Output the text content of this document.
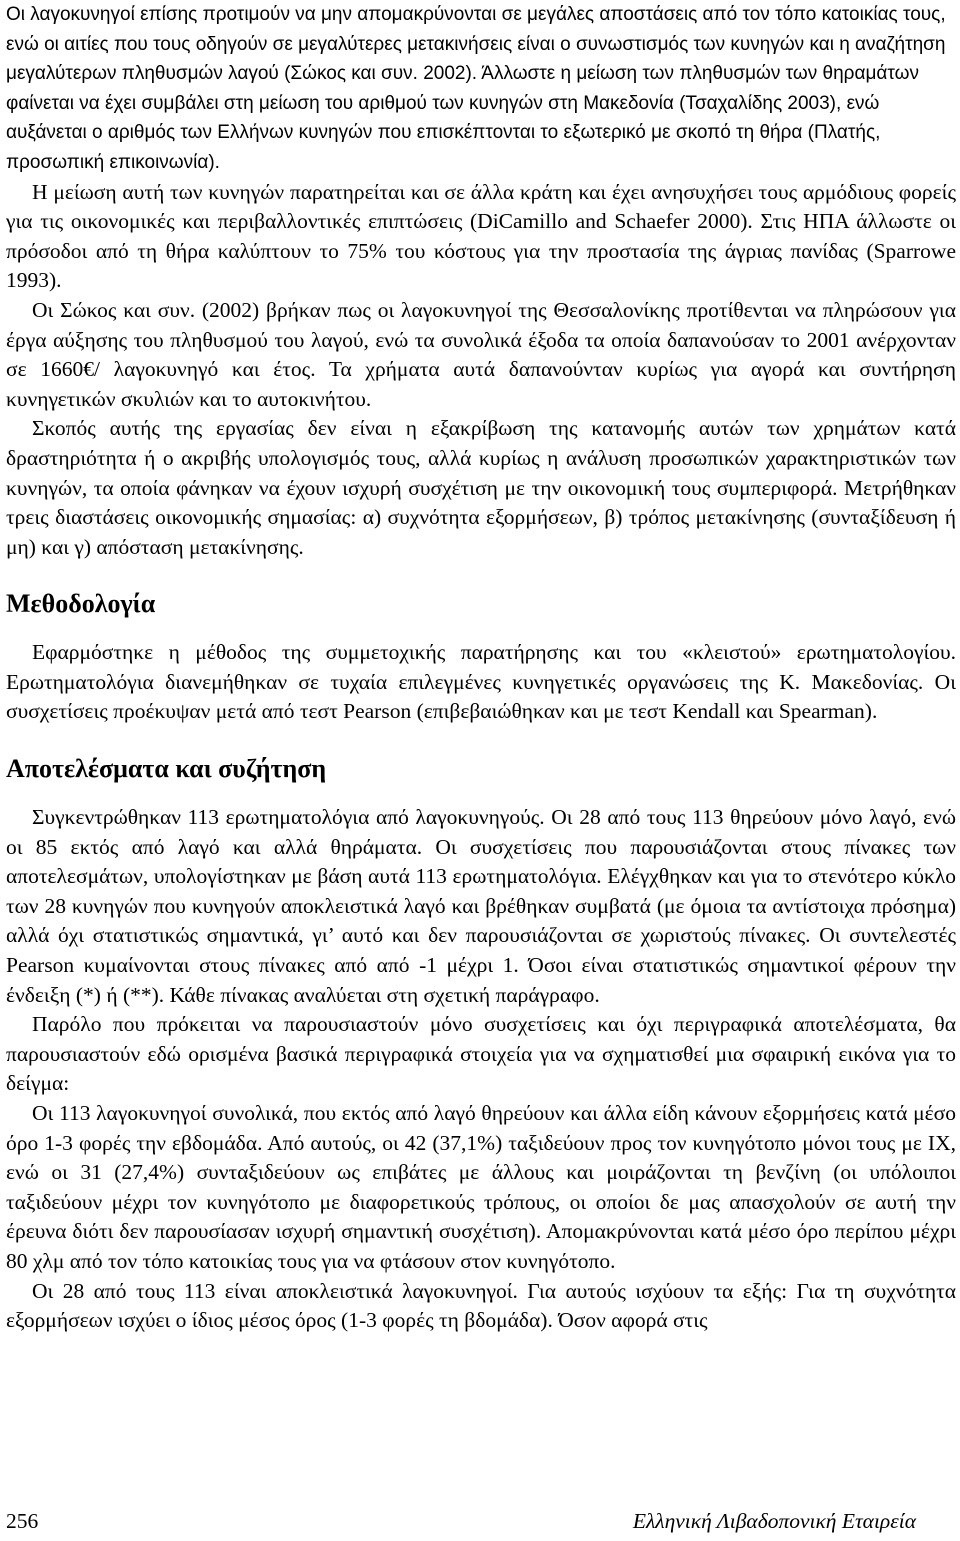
Οι λαγοκυνηγοί επίσης προτιμούν να μην απομακρύνονται σε μεγάλες αποστάσεις από τον τόπο κατοικίας τους, ενώ οι αιτίες που τους οδηγούν σε μεγαλύτερες μετακινήσεις είναι ο συνωστισμός των κυνηγών και η αναζήτηση μεγαλύτερων πληθυσμών λαγού (Σώκος και συν. 2002). Άλλωστε η μείωση των πληθυσμών των θηραμάτων φαίνεται να έχει συμβάλει στη μείωση του αριθμού των κυνηγών στη Μακεδονία (Τσαχαλίδης 2003), ενώ αυξάνεται ο αριθμός των Ελλήνων κυνηγών που επισκέπτονται το εξωτερικό με σκοπό τη θήρα (Πλατής, προσωπική επικοινωνία).

Η μείωση αυτή των κυνηγών παρατηρείται και σε άλλα κράτη και έχει ανησυχήσει τους αρμόδιους φορείς για τις οικονομικές και περιβαλλοντικές επιπτώσεις (DiCamillo and Schaefer 2000). Στις ΗΠΑ άλλωστε οι πρόσοδοι από τη θήρα καλύπτουν το 75% του κόστους για την προστασία της άγριας πανίδας (Sparrowe 1993).

Οι Σώκος και συν. (2002) βρήκαν πως οι λαγοκυνηγοί της Θεσσαλονίκης προτίθενται να πληρώσουν για έργα αύξησης του πληθυσμού του λαγού, ενώ τα συνολικά έξοδα τα οποία δαπανούσαν το 2001 ανέρχονταν σε 1660€/ λαγοκυνηγό και έτος. Τα χρήματα αυτά δαπανούνταν κυρίως για αγορά και συντήρηση κυνηγετικών σκυλιών και το αυτοκινήτου.

Σκοπός αυτής της εργασίας δεν είναι η εξακρίβωση της κατανομής αυτών των χρημάτων κατά δραστηριότητα ή ο ακριβής υπολογισμός τους, αλλά κυρίως η ανάλυση προσωπικών χαρακτηριστικών των κυνηγών, τα οποία φάνηκαν να έχουν ισχυρή συσχέτιση με την οικονομική τους συμπεριφορά. Μετρήθηκαν τρεις διαστάσεις οικονομικής σημασίας: α) συχνότητα εξορμήσεων, β) τρόπος μετακίνησης (συνταξίδευση ή μη) και γ) απόσταση μετακίνησης.

Μεθοδολογία

Εφαρμόστηκε η μέθοδος της συμμετοχικής παρατήρησης και του «κλειστού» ερωτηματολογίου. Ερωτηματολόγια διανεμήθηκαν σε τυχαία επιλεγμένες κυνηγετικές οργανώσεις της Κ. Μακεδονίας. Οι συσχετίσεις προέκυψαν μετά από τεστ Pearson (επιβεβαιώθηκαν και με τεστ Kendall και Spearman).

Αποτελέσματα και συζήτηση

Συγκεντρώθηκαν 113 ερωτηματολόγια από λαγοκυνηγούς. Οι 28 από τους 113 θηρεύουν μόνο λαγό, ενώ οι 85 εκτός από λαγό και αλλά θηράματα. Οι συσχετίσεις που παρουσιάζονται στους πίνακες των αποτελεσμάτων, υπολογίστηκαν με βάση αυτά 113 ερωτηματολόγια. Ελέγχθηκαν και για το στενότερο κύκλο των 28 κυνηγών που κυνηγούν αποκλειστικά λαγό και βρέθηκαν συμβατά (με όμοια τα αντίστοιχα πρόσημα) αλλά όχι στατιστικώς σημαντικά, γι’ αυτό και δεν παρουσιάζονται σε χωριστούς πίνακες. Οι συντελεστές Pearson κυμαίνονται στους πίνακες από από -1 μέχρι 1. Όσοι είναι στατιστικώς σημαντικοί φέρουν την ένδειξη (*) ή (**). Κάθε πίνακας αναλύεται στη σχετική παράγραφο.

Παρόλο που πρόκειται να παρουσιαστούν μόνο συσχετίσεις και όχι περιγραφικά αποτελέσματα, θα παρουσιαστούν εδώ ορισμένα βασικά περιγραφικά στοιχεία για να σχηματισθεί μια σφαιρική εικόνα για το δείγμα:

Οι 113 λαγοκυνηγοί συνολικά, που εκτός από λαγό θηρεύουν και άλλα είδη κάνουν εξορμήσεις κατά μέσο όρο 1-3 φορές την εβδομάδα. Από αυτούς, οι 42 (37,1%) ταξιδεύουν προς τον κυνηγότοπο μόνοι τους με ΙΧ, ενώ οι 31 (27,4%) συνταξιδεύουν ως επιβάτες με άλλους και μοιράζονται τη βενζίνη (οι υπόλοιποι ταξιδεύουν μέχρι τον κυνηγότοπο με διαφορετικούς τρόπους, οι οποίοι δε μας απασχολούν σε αυτή την έρευνα διότι δεν παρουσίασαν ισχυρή σημαντική συσχέτιση). Απομακρύνονται κατά μέσο όρο περίπου μέχρι 80 χλμ από τον τόπο κατοικίας τους για να φτάσουν στον κυνηγότοπο.

Οι 28 από τους 113 είναι αποκλειστικά λαγοκυνηγοί. Για αυτούς ισχύουν τα εξής: Για τη συχνότητα εξορμήσεων ισχύει ο ίδιος μέσος όρος (1-3 φορές τη βδομάδα). Όσον αφορά στις

256	Ελληνική Λιβαδοπονική Εταιρεία
